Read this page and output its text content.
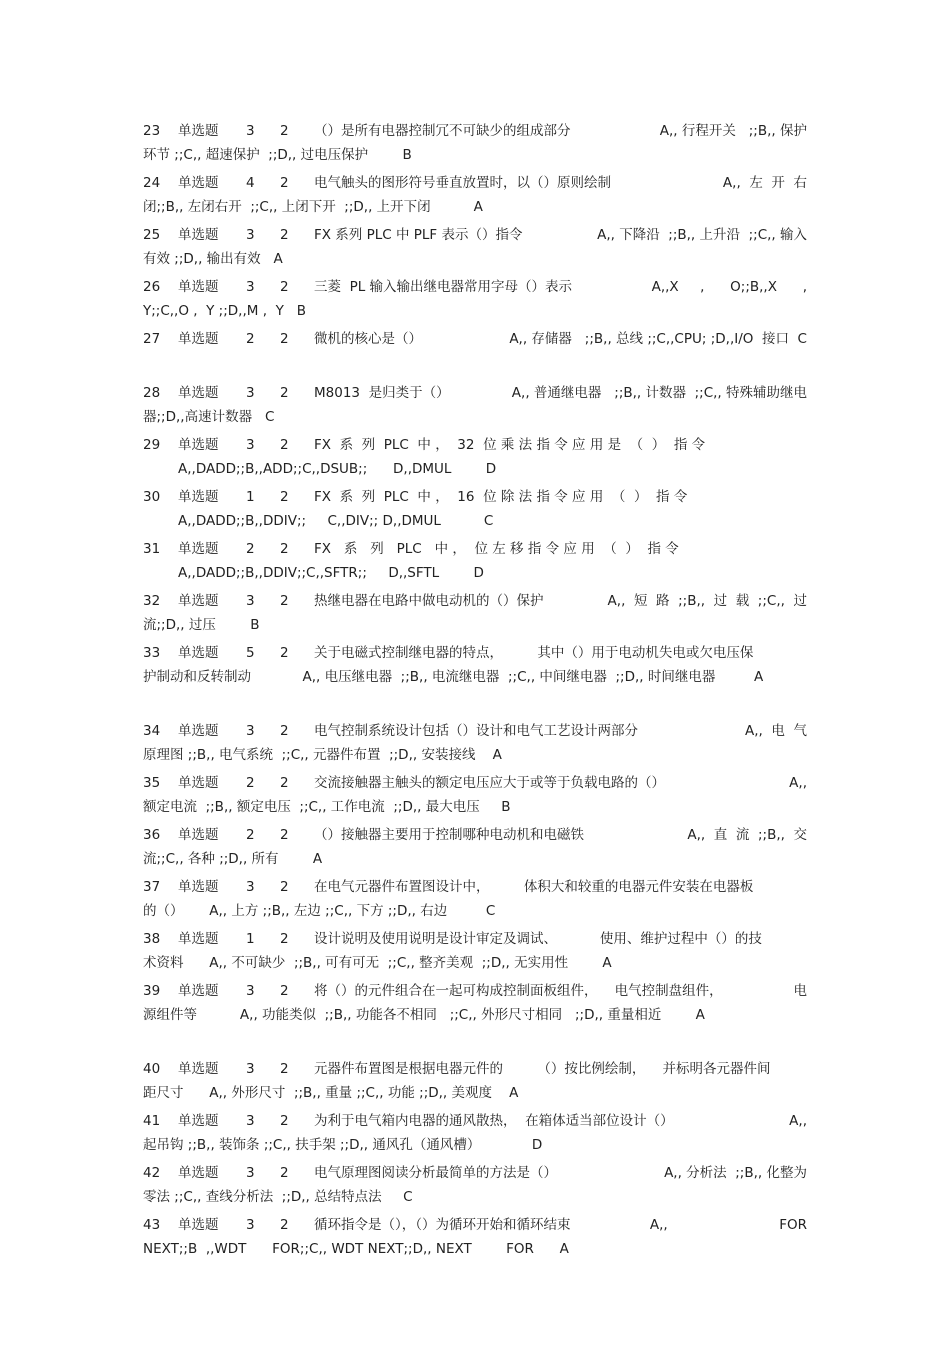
23	单选题	3	2	（）是所有电器控制冗不可缺少的组成部分	A,, 行程开关   ;;B,, 保护
环节 ;;C,, 超速保护  ;;D,, 过电压保护        B
24	单选题	4	2	电气触头的图形符号垂直放置时，以（）原则绘制	A,,  左  开  右
闭;;B,, 左闭右开  ;;C,, 上闭下开  ;;D,, 上开下闭          A
25	单选题	3	2	FX 系列 PLC 中 PLF 表示（）指令	A,, 下降沿  ;;B,, 上升沿  ;;C,, 输入
有效 ;;D,, 输出有效   A
26	单选题	3	2	三菱  PL 输入输出继电器常用字母（）表示	A,,X     ,      O;;B,,X      ,
Y;;C,,O ,  Y ;;D,,M ,  Y   B
27	单选题	2	2	微机的核心是（）	A,, 存储器   ;;B,, 总线 ;;C,,CPU; ;D,,I/O  接口  C
28	单选题	3	2	M8013  是归类于（）	A,, 普通继电器   ;;B,, 计数器  ;;C,, 特殊辅助继电
器;;D,,高速计数器   C
29	单选题	3	2	FX  系  列  PLC  中 ，  32  位 乘 法 指 令 应 用 是  （  ）  指 令
A,,DADD;;B,,ADD;;C,,DSUB;;      D,,DMUL        D
30	单选题	1	2	FX  系  列  PLC  中 ，  16  位 除 法 指 令 应 用  （  ）  指 令
A,,DADD;;B,,DDIV;;     C,,DIV;; D,,DMUL          C
31	单选题	2	2	FX   系   列   PLC   中 ，  位 左 移 指 令 应 用  （  ）  指 令
A,,DADD;;B,,DDIV;;C,,SFTR;;     D,,SFTL        D
32	单选题	3	2	热继电器在电路中做电动机的（）保护	A,,  短  路  ;;B,,  过  载  ;;C,,  过
流;;D,, 过压        B
33	单选题	5	2	关于电磁式控制继电器的特点，        其中（）用于电动机失电或欠电压保
护制动和反转制动            A,, 电压继电器  ;;B,, 电流继电器  ;;C,, 中间继电器  ;;D,, 时间继电器         A
34	单选题	3	2	电气控制系统设计包括（）设计和电气工艺设计两部分	A,,  电  气
原理图 ;;B,, 电气系统  ;;C,, 元器件布置  ;;D,, 安装接线    A
35	单选题	2	2	交流接触器主触头的额定电压应大于或等于负载电路的（）	A,,
额定电流  ;;B,, 额定电压  ;;C,, 工作电流  ;;D,, 最大电压     B
36	单选题	2	2	（）接触器主要用于控制哪种电动机和电磁铁	A,,  直  流  ;;B,,  交
流;;C,, 各种 ;;D,, 所有        A
37	单选题	3	2	在电气元器件布置图设计中，        体积大和较重的电器元件安装在电器板
的（）      A,, 上方 ;;B,, 左边 ;;C,, 下方 ;;D,, 右边         C
38	单选题	1	2	设计说明及使用说明是设计审定及调试、          使用、维护过程中（）的技
术资料      A,, 不可缺少  ;;B,, 可有可无  ;;C,, 整齐美观  ;;D,, 无实用性        A
39	单选题	3	2	将（）的元件组合在一起可构成控制面板组件，    电气控制盘组件，	电
源组件等          A,, 功能类似  ;;B,, 功能各不相同   ;;C,, 外形尺寸相同   ;;D,, 重量相近        A
40	单选题	3	2	元器件布置图是根据电器元件的        （）按比例绘制，    并标明各元器件间
距尺寸      A,, 外形尺寸  ;;B,, 重量 ;;C,, 功能 ;;D,, 美观度    A
41	单选题	3	2	为利于电气箱内电器的通风散热，  在箱体适当部位设计（）	A,,
起吊钩 ;;B,, 装饰条 ;;C,, 扶手架 ;;D,, 通风孔（通风槽）            D
42	单选题	3	2	电气原理图阅读分析最简单的方法是（）	A,, 分析法  ;;B,, 化整为
零法 ;;C,, 查线分析法  ;;D,, 总结特点法     C
43	单选题	3	2	循环指令是（），（）为循环开始和循环结束	A,,                          FOR
NEXT;;B  ,,WDT      FOR;;C,, WDT NEXT;;D,, NEXT        FOR      A
